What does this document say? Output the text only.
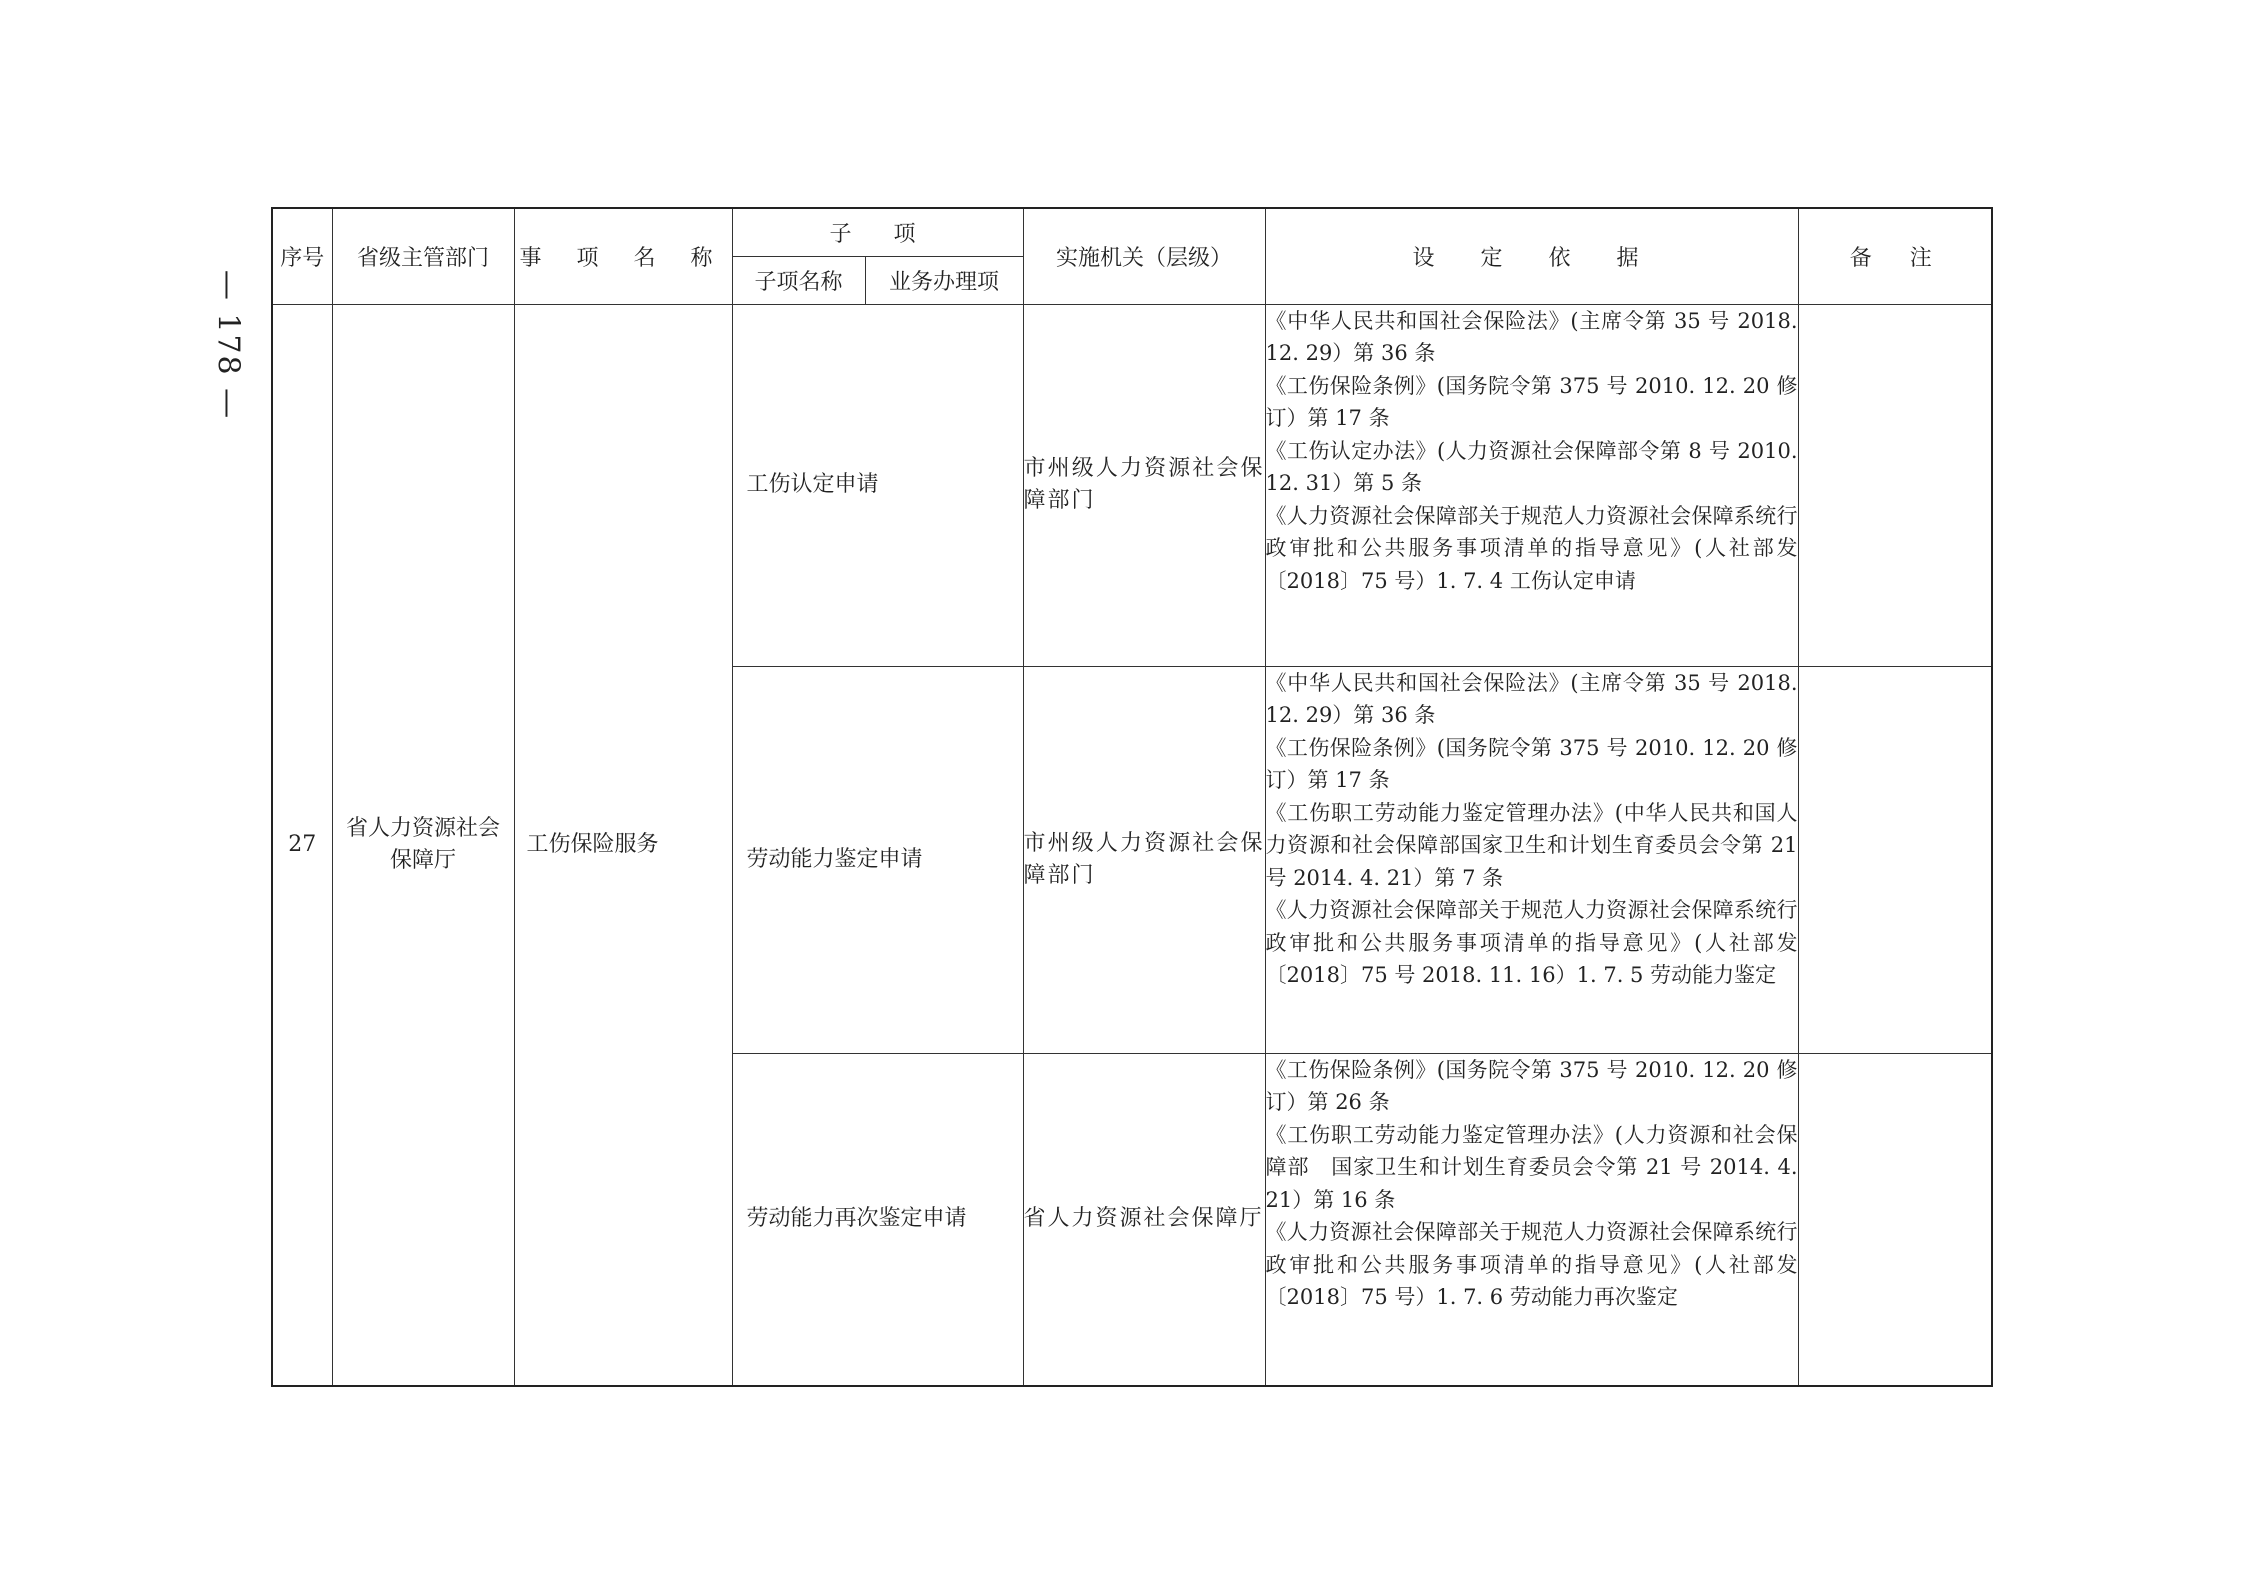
— 178 —
序号	省级主管部门	事 项 名 称	子　项		实施机关（层级）	设　定　依　据	备　注
			子项名称	业务办理项			
27	省人力资源社会保障厅	工伤保险服务	工伤认定申请		市州级人力资源社会保障部门	《中华人民共和国社会保险法》(主席令第 35 号 2018. 12. 29）第 36 条
《工伤保险条例》(国务院令第 375 号 2010. 12. 20 修订）第 17 条
《工伤认定办法》(人力资源社会保障部令第 8 号 2010. 12. 31）第 5 条
《人力资源社会保障部关于规范人力资源社会保障系统行政审批和公共服务事项清单的指导意见》(人社部发〔2018〕75 号）1. 7. 4 工伤认定申请	

			劳动能力鉴定申请		市州级人力资源社会保障部门	《中华人民共和国社会保险法》(主席令第 35 号 2018. 12. 29）第 36 条
《工伤保险条例》(国务院令第 375 号 2010. 12. 20 修订）第 17 条
《工伤职工劳动能力鉴定管理办法》(中华人民共和国人力资源和社会保障部国家卫生和计划生育委员会令第 21 号 2014. 4. 21）第 7 条
《人力资源社会保障部关于规范人力资源社会保障系统行政审批和公共服务事项清单的指导意见》(人社部发〔2018〕75 号 2018. 11. 16）1. 7. 5 劳动能力鉴定	

			劳动能力再次鉴定申请		省人力资源社会保障厅	《工伤保险条例》(国务院令第 375 号 2010. 12. 20 修订）第 26 条
《工伤职工劳动能力鉴定管理办法》(人力资源和社会保障部　国家卫生和计划生育委员会令第 21 号 2014. 4. 21）第 16 条
《人力资源社会保障部关于规范人力资源社会保障系统行政审批和公共服务事项清单的指导意见》(人社部发〔2018〕75 号）1. 7. 6 劳动能力再次鉴定	
